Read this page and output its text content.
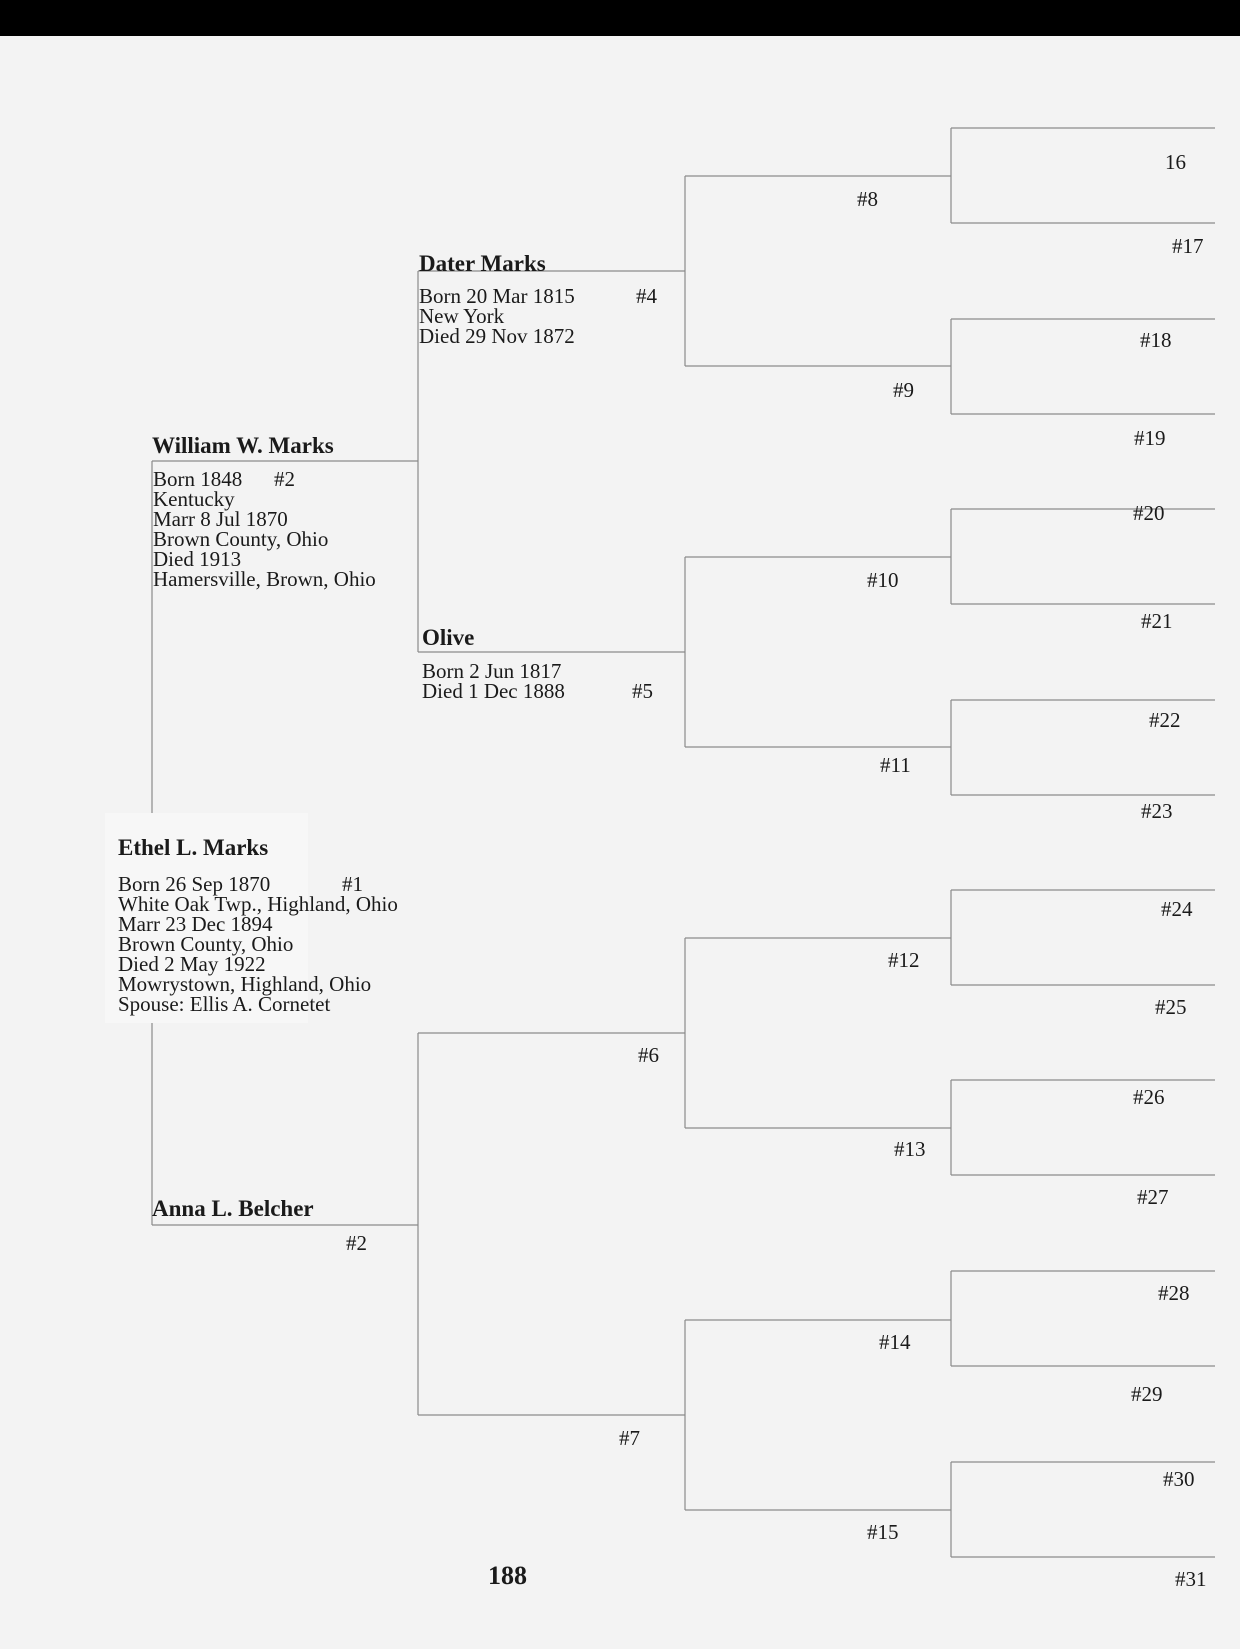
Ethel L. Marks
Born 26 Sep 1870	#1
White Oak Twp., Highland, Ohio
Marr 23 Dec 1894
Brown County, Ohio
Died 2 May 1922
Mowrystown, Highland, Ohio
Spouse: Ellis A. Cornetet
William W. Marks
Born 1848 #2
Kentucky
Marr 8 Jul 1870
Brown County, Ohio
Died 1913
Hamersville, Brown, Ohio
Anna L. Belcher
#2
Dater Marks
Born 20 Mar 1815	#4
New York
Died 29 Nov 1872
Olive
Born 2 Jun 1817
Died 1 Dec 1888	#5
#8
#9
#10
#11
#6
#12
#13
#7
#14
#15
16
#17
#18
#19
#20
#21
#22
#23
#24
#25
#26
#27
#28
#29
#30
#31
188
